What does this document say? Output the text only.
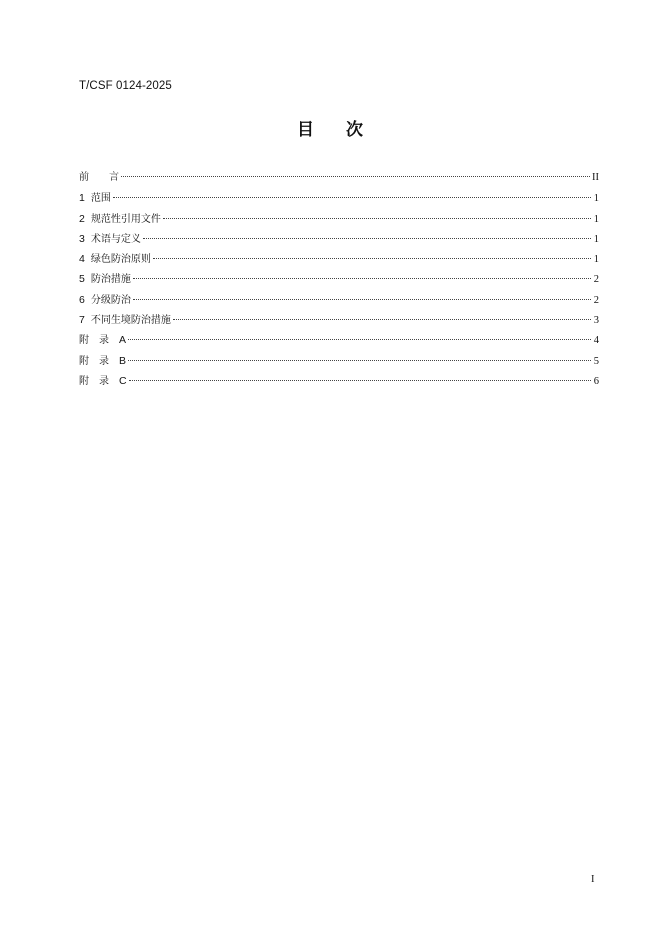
T/CSF 0124-2025
目 次
前　　言	II
1 范围	1
2 规范性引用文件	1
3 术语与定义	1
4 绿色防治原则	1
5 防治措施	2
6 分级防治	2
7 不同生境防治措施	3
附　录　 A	4
附　录　 B	5
附　录　 C	6
I
